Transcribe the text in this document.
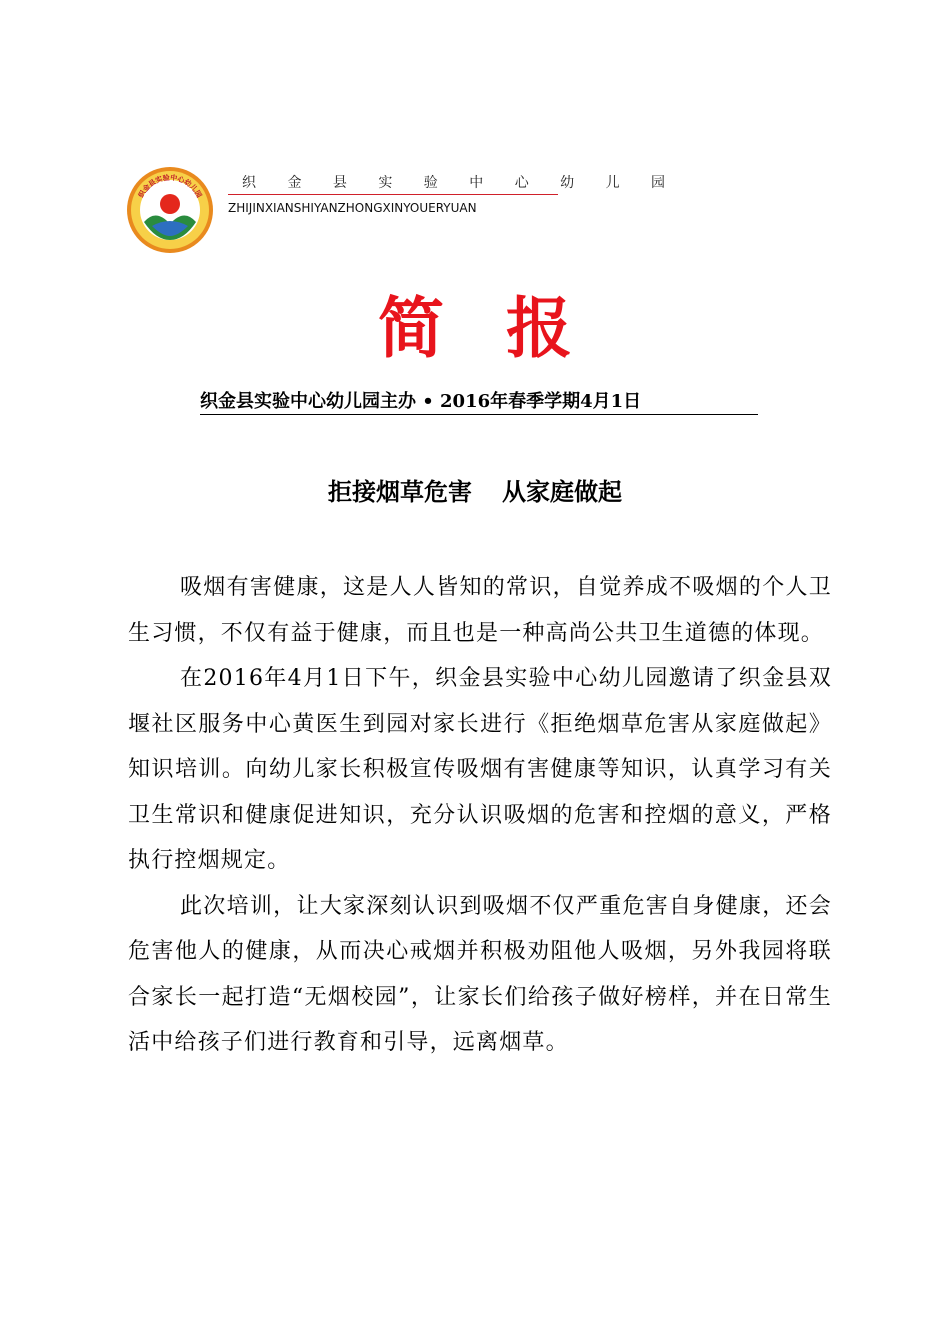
织金县实验中心幼儿园
织 金 县 实 验 中 心 幼 儿 园
ZHIJINXIANSHIYANZHONGXINYOUERYUAN
简报
织金县实验中心幼儿园主办 • 2016年春季学期4月1日
拒接烟草危害 从家庭做起

吸烟有害健康，这是人人皆知的常识，自觉养成不吸烟的个人卫生习惯，不仅有益于健康，而且也是一种高尚公共卫生道德的体现。

在2016年4月1日下午，织金县实验中心幼儿园邀请了织金县双堰社区服务中心黄医生到园对家长进行《拒绝烟草危害从家庭做起》知识培训。向幼儿家长积极宣传吸烟有害健康等知识，认真学习有关卫生常识和健康促进知识，充分认识吸烟的危害和控烟的意义，严格执行控烟规定。

此次培训，让大家深刻认识到吸烟不仅严重危害自身健康，还会危害他人的健康，从而决心戒烟并积极劝阻他人吸烟，另外我园将联合家长一起打造“无烟校园”，让家长们给孩子做好榜样，并在日常生活中给孩子们进行教育和引导，远离烟草。
